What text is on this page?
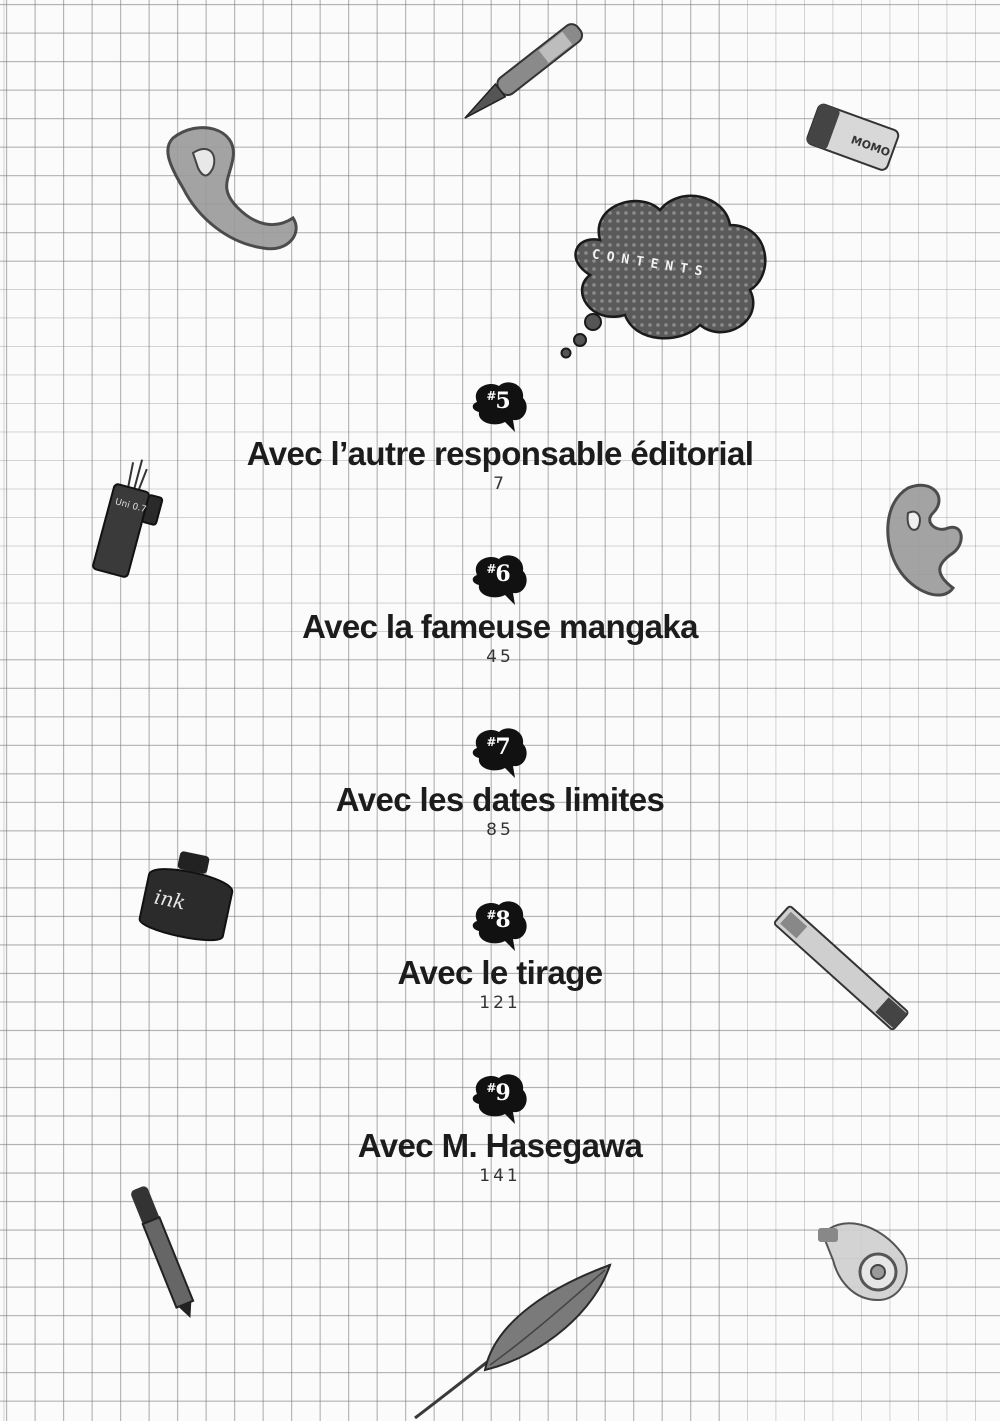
MOMO
CONTENTS
Uni 0.7
ink
#5
Avec l’autre responsable éditorial
7
#6
Avec la fameuse mangaka
45
#7
Avec les dates limites
85
#8
Avec le tirage
121
#9
Avec M. Hasegawa
141
